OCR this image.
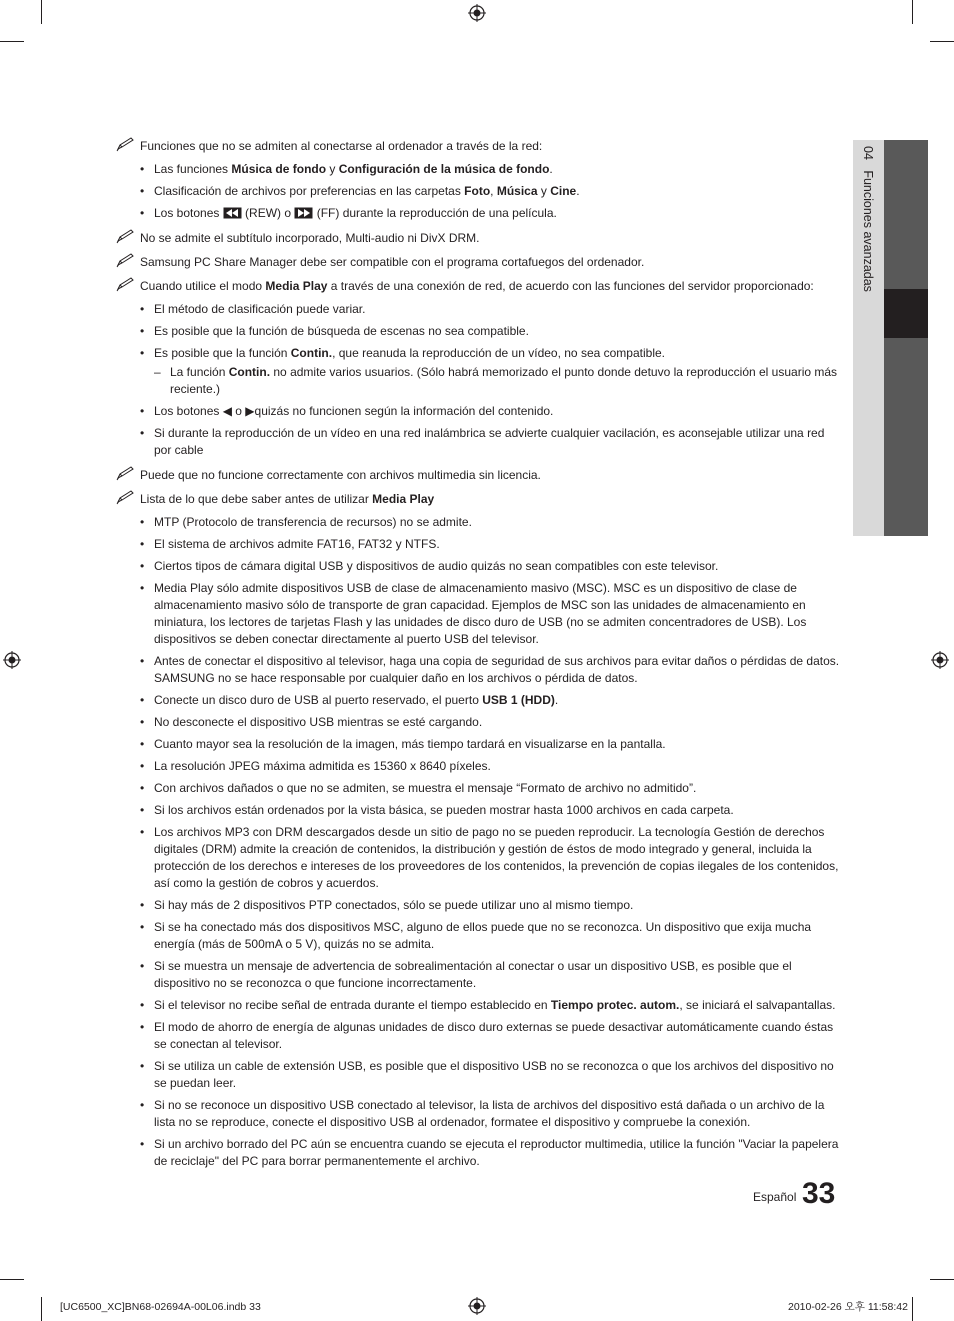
04   Funciones avanzadas
Funciones que no se admiten al conectarse al ordenador a través de la red:
• Las funciones Música de fondo y Configuración de la música de fondo.
• Clasificación de archivos por preferencias en las carpetas Foto, Música y Cine.
• Los botones  (REW) o  (FF) durante la reproducción de una película.
No se admite el subtítulo incorporado, Multi-audio ni DivX DRM.
Samsung PC Share Manager debe ser compatible con el programa cortafuegos del ordenador.
Cuando utilice el modo Media Play a través de una conexión de red, de acuerdo con las funciones del servidor proporcionado:
• El método de clasificación puede variar.
• Es posible que la función de búsqueda de escenas no sea compatible.
• Es posible que la función Contin., que reanuda la reproducción de un vídeo, no sea compatible.
– La función Contin. no admite varios usuarios. (Sólo habrá memorizado el punto donde detuvo la reproducción el usuario más reciente.)
• Los botones ◀ o ▶quizás no funcionen según la información del contenido.
• Si durante la reproducción de un vídeo en una red inalámbrica se advierte cualquier vacilación, es aconsejable utilizar una red por cable
Puede que no funcione correctamente con archivos multimedia sin licencia.
Lista de lo que debe saber antes de utilizar Media Play
• MTP (Protocolo de transferencia de recursos) no se admite.
• El sistema de archivos admite FAT16, FAT32 y NTFS.
• Ciertos tipos de cámara digital USB y dispositivos de audio quizás no sean compatibles con este televisor.
• Media Play sólo admite dispositivos USB de clase de almacenamiento masivo (MSC). MSC es un dispositivo de clase de almacenamiento masivo sólo de transporte de gran capacidad. Ejemplos de MSC son las unidades de almacenamiento en miniatura, los lectores de tarjetas Flash y las unidades de disco duro de USB (no se admiten concentradores de USB). Los dispositivos se deben conectar directamente al puerto USB del televisor.
• Antes de conectar el dispositivo al televisor, haga una copia de seguridad de sus archivos para evitar daños o pérdidas de datos. SAMSUNG no se hace responsable por cualquier daño en los archivos o pérdida de datos.
• Conecte un disco duro de USB al puerto reservado, el puerto USB 1 (HDD).
• No desconecte el dispositivo USB mientras se esté cargando.
• Cuanto mayor sea la resolución de la imagen, más tiempo tardará en visualizarse en la pantalla.
• La resolución JPEG máxima admitida es 15360 x 8640 píxeles.
• Con archivos dañados o que no se admiten, se muestra el mensaje “Formato de archivo no admitido”.
• Si los archivos están ordenados por la vista básica, se pueden mostrar hasta 1000 archivos en cada carpeta.
• Los archivos MP3 con DRM descargados desde un sitio de pago no se pueden reproducir. La tecnología Gestión de derechos digitales (DRM) admite la creación de contenidos, la distribución y gestión de éstos de modo integrado y general, incluida la protección de los derechos e intereses de los proveedores de los contenidos, la prevención de copias ilegales de los contenidos, así como la gestión de cobros y acuerdos.
• Si hay más de 2 dispositivos PTP conectados, sólo se puede utilizar uno al mismo tiempo.
• Si se ha conectado más dos dispositivos MSC, alguno de ellos puede que no se reconozca. Un dispositivo que exija mucha energía (más de 500mA o 5 V), quizás no se admita.
• Si se muestra un mensaje de advertencia de sobrealimentación al conectar o usar un dispositivo USB, es posible que el dispositivo no se reconozca o que funcione incorrectamente.
• Si el televisor no recibe señal de entrada durante el tiempo establecido en Tiempo protec. autom., se iniciará el salvapantallas.
• El modo de ahorro de energía de algunas unidades de disco duro externas se puede desactivar automáticamente cuando éstas se conectan al televisor.
• Si se utiliza un cable de extensión USB, es posible que el dispositivo USB no se reconozca o que los archivos del dispositivo no se puedan leer.
• Si no se reconoce un dispositivo USB conectado al televisor, la lista de archivos del dispositivo está dañada o un archivo de la lista no se reproduce, conecte el dispositivo USB al ordenador, formatee el dispositivo y compruebe la conexión.
• Si un archivo borrado del PC aún se encuentra cuando se ejecuta el reproductor multimedia, utilice la función "Vaciar la papelera de reciclaje" del PC para borrar permanentemente el archivo.
Español 33
[UC6500_XC]BN68-02694A-00L06.indb 33	2010-02-26 오후 11:58:42
